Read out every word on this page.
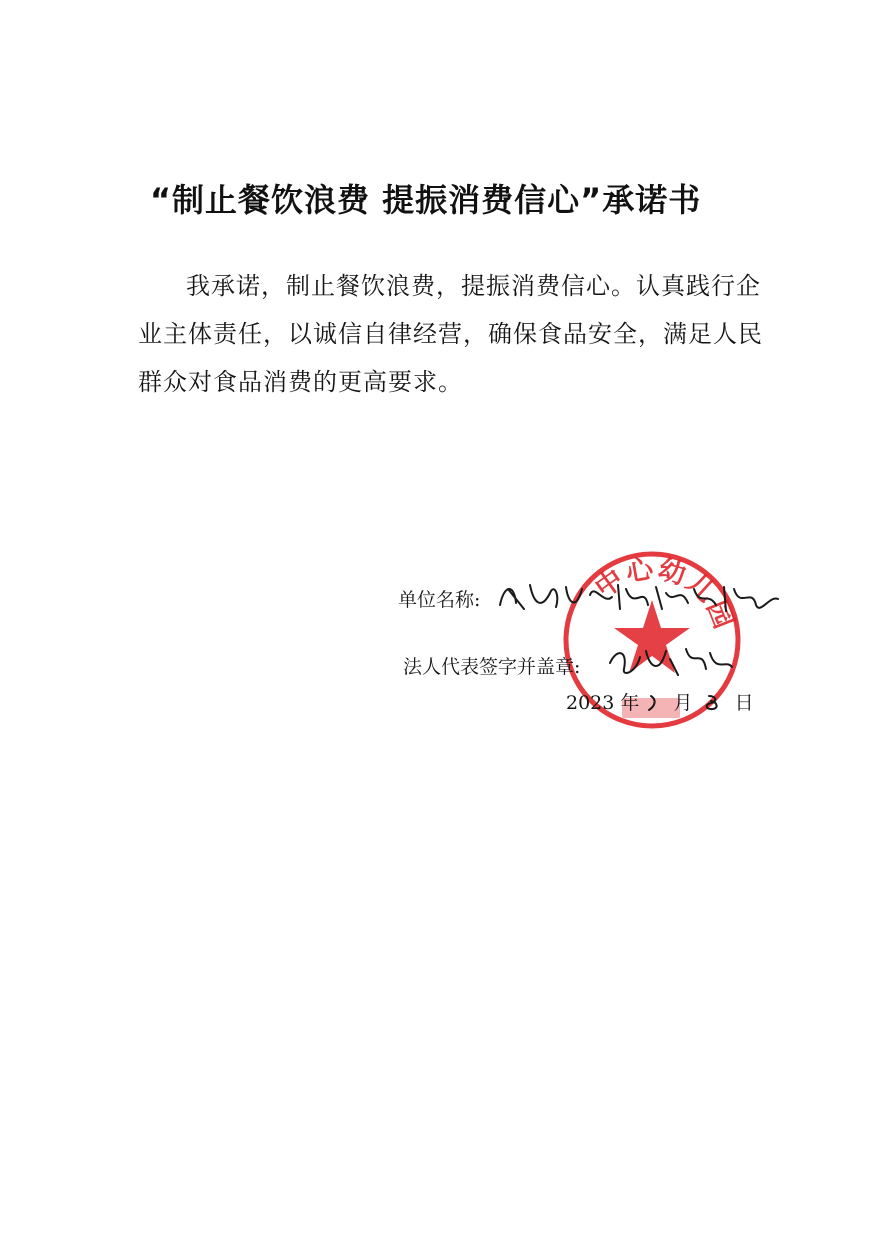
“制止餐饮浪费 提振消费信心”承诺书
我承诺，制止餐饮浪费，提振消费信心。认真践行企业主体责任，以诚信自律经营，确保食品安全，满足人民群众对食品消费的更高要求。
中心幼儿园
单位名称:
法人代表签字并盖章:
2023 年 月 日
